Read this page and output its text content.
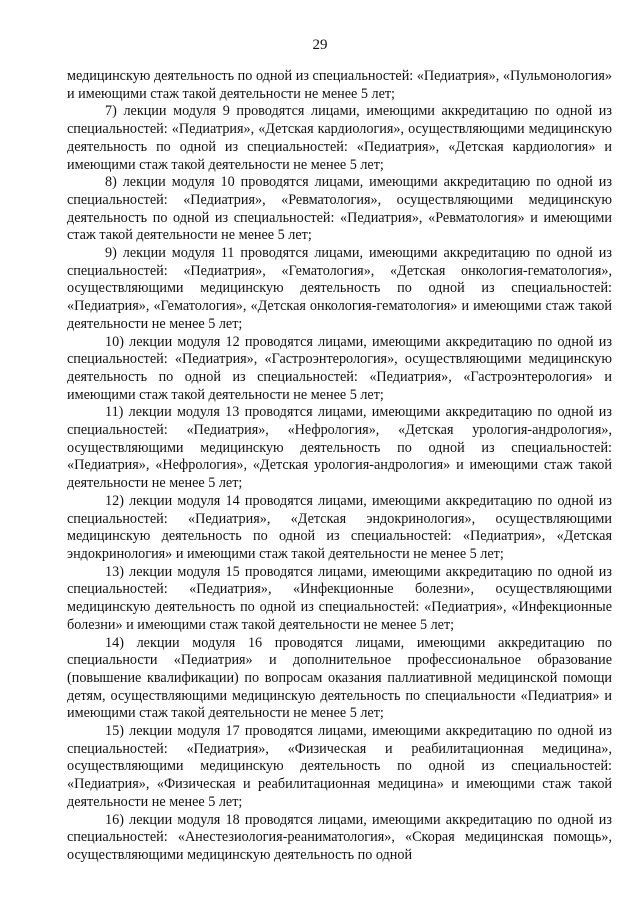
29

медицинскую деятельность по одной из специальностей: «Педиатрия», «Пульмонология» и имеющими стаж такой деятельности не менее 5 лет;

7) лекции модуля 9 проводятся лицами, имеющими аккредитацию по одной из специальностей: «Педиатрия», «Детская кардиология», осуществляющими медицинскую деятельность по одной из специальностей: «Педиатрия», «Детская кардиология» и имеющими стаж такой деятельности не менее 5 лет;

8) лекции модуля 10 проводятся лицами, имеющими аккредитацию по одной из специальностей: «Педиатрия», «Ревматология», осуществляющими медицинскую деятельность по одной из специальностей: «Педиатрия», «Ревматология» и имеющими стаж такой деятельности не менее 5 лет;

9) лекции модуля 11 проводятся лицами, имеющими аккредитацию по одной из специальностей: «Педиатрия», «Гематология», «Детская онкология-гематология», осуществляющими медицинскую деятельность по одной из специальностей: «Педиатрия», «Гематология», «Детская онкология-гематология» и имеющими стаж такой деятельности не менее 5 лет;

10) лекции модуля 12 проводятся лицами, имеющими аккредитацию по одной из специальностей: «Педиатрия», «Гастроэнтерология», осуществляющими медицинскую деятельность по одной из специальностей: «Педиатрия», «Гастроэнтерология» и имеющими стаж такой деятельности не менее 5 лет;

11) лекции модуля 13 проводятся лицами, имеющими аккредитацию по одной из специальностей: «Педиатрия», «Нефрология», «Детская урология-андрология», осуществляющими медицинскую деятельность по одной из специальностей: «Педиатрия», «Нефрология», «Детская урология-андрология» и имеющими стаж такой деятельности не менее 5 лет;

12) лекции модуля 14 проводятся лицами, имеющими аккредитацию по одной из специальностей: «Педиатрия», «Детская эндокринология», осуществляющими медицинскую деятельность по одной из специальностей: «Педиатрия», «Детская эндокринология» и имеющими стаж такой деятельности не менее 5 лет;

13) лекции модуля 15 проводятся лицами, имеющими аккредитацию по одной из специальностей: «Педиатрия», «Инфекционные болезни», осуществляющими медицинскую деятельность по одной из специальностей: «Педиатрия», «Инфекционные болезни» и имеющими стаж такой деятельности не менее 5 лет;

14) лекции модуля 16 проводятся лицами, имеющими аккредитацию по специальности «Педиатрия» и дополнительное профессиональное образование (повышение квалификации) по вопросам оказания паллиативной медицинской помощи детям, осуществляющими медицинскую деятельность по специальности «Педиатрия» и имеющими стаж такой деятельности не менее 5 лет;

15) лекции модуля 17 проводятся лицами, имеющими аккредитацию по одной из специальностей: «Педиатрия», «Физическая и реабилитационная медицина», осуществляющими медицинскую деятельность по одной из специальностей: «Педиатрия», «Физическая и реабилитационная медицина» и имеющими стаж такой деятельности не менее 5 лет;

16) лекции модуля 18 проводятся лицами, имеющими аккредитацию по одной из специальностей: «Анестезиология-реаниматология», «Скорая медицинская помощь», осуществляющими медицинскую деятельность по одной
